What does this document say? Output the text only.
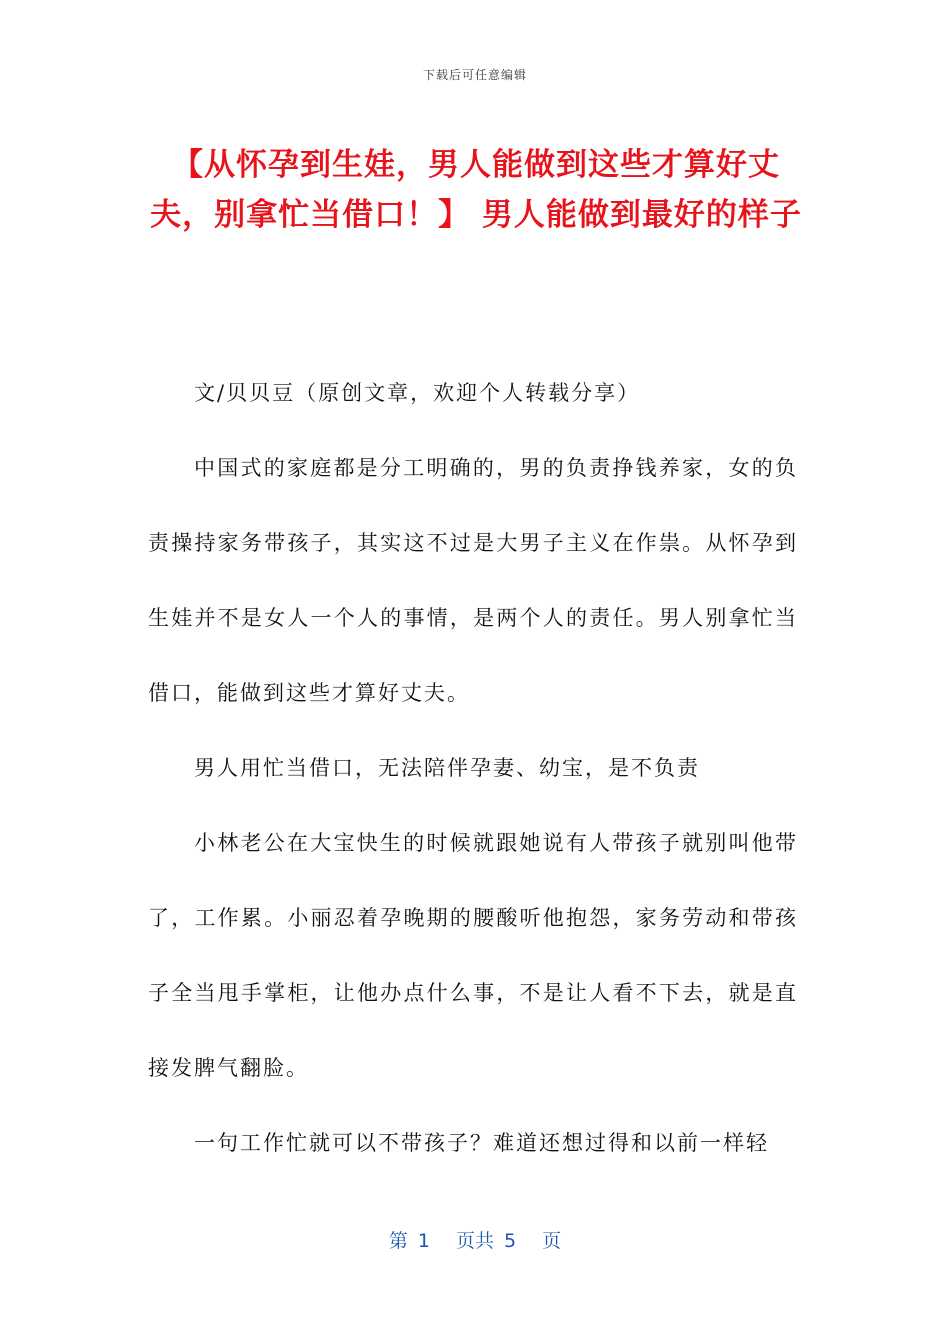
下载后可任意编辑
【从怀孕到生娃，男人能做到这些才算好丈夫，别拿忙当借口！】 男人能做到最好的样子

文/贝贝豆（原创文章，欢迎个人转载分享）

中国式的家庭都是分工明确的，男的负责挣钱养家，女的负责操持家务带孩子，其实这不过是大男子主义在作祟。从怀孕到生娃并不是女人一个人的事情，是两个人的责任。男人别拿忙当借口，能做到这些才算好丈夫。

男人用忙当借口，无法陪伴孕妻、幼宝，是不负责

小林老公在大宝快生的时候就跟她说有人带孩子就别叫他带了，工作累。小丽忍着孕晚期的腰酸听他抱怨，家务劳动和带孩子全当甩手掌柜，让他办点什么事，不是让人看不下去，就是直接发脾气翻脸。

一句工作忙就可以不带孩子？难道还想过得和以前一样轻

第 1 页共 5 页
